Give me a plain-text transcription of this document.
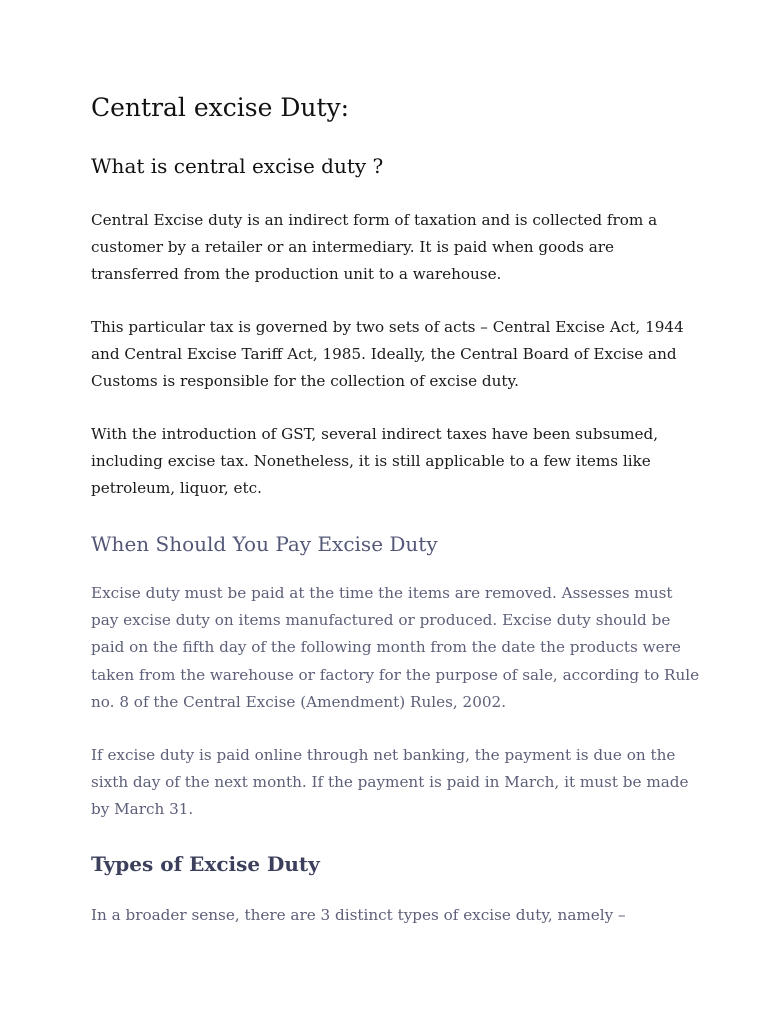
Central excise Duty:
What is central excise duty ?

Central Excise duty is an indirect form of taxation and is collected from a
customer by a retailer or an intermediary. It is paid when goods are
transferred from the production unit to a warehouse.

This particular tax is governed by two sets of acts – Central Excise Act, 1944
and Central Excise Tariff Act, 1985. Ideally, the Central Board of Excise and
Customs is responsible for the collection of excise duty.

With the introduction of GST, several indirect taxes have been subsumed,
including excise tax. Nonetheless, it is still applicable to a few items like
petroleum, liquor, etc.

When Should You Pay Excise Duty

Excise duty must be paid at the time the items are removed. Assesses must
pay excise duty on items manufactured or produced. Excise duty should be
paid on the fifth day of the following month from the date the products were
taken from the warehouse or factory for the purpose of sale, according to Rule
no. 8 of the Central Excise (Amendment) Rules, 2002.

If excise duty is paid online through net banking, the payment is due on the
sixth day of the next month. If the payment is paid in March, it must be made
by March 31.

Types of Excise Duty

In a broader sense, there are 3 distinct types of excise duty, namely –
